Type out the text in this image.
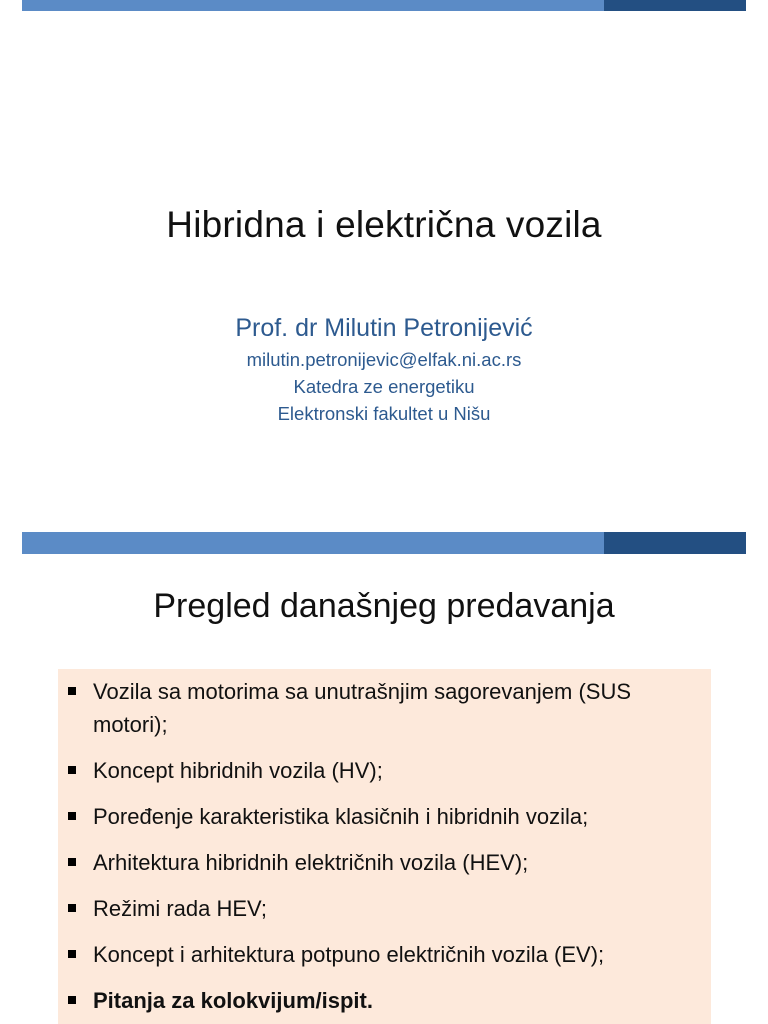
Hibridna i električna vozila
Prof. dr Milutin Petronijević
milutin.petronijevic@elfak.ni.ac.rs
Katedra ze energetiku
Elektronski fakultet u Nišu
Pregled današnjeg predavanja
Vozila sa motorima sa unutrašnjim sagorevanjem (SUS motori);
Koncept hibridnih vozila (HV);
Poređenje karakteristika klasičnih i hibridnih vozila;
Arhitektura hibridnih električnih vozila (HEV);
Režimi rada HEV;
Koncept i arhitektura potpuno električnih vozila (EV);
Pitanja za kolokvijum/ispit.
